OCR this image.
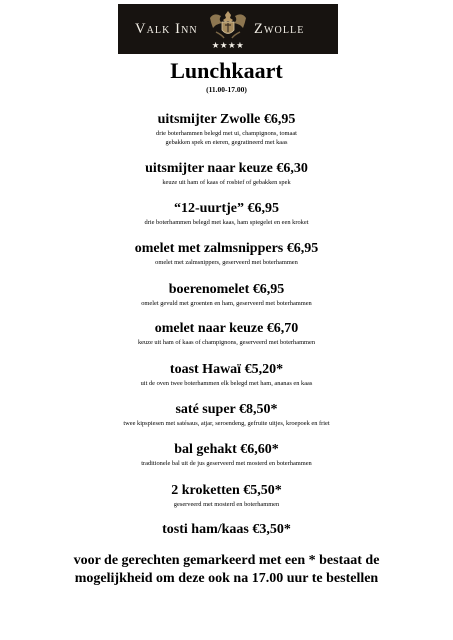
Valk Inn
★★★★
Zwolle
Lunchkaart
(11.00-17.00)
uitsmijter Zwolle €6,95
drie boterhammen belegd met ui, champignons, tomaat
gebakken spek en eieren, gegratineerd met kaas
uitsmijter naar keuze €6,30
keuze uit ham of kaas of rosbief of gebakken spek
“12-uurtje” €6,95
drie boterhammen belegd met kaas, ham spiegelei en een kroket
omelet met zalmsnippers €6,95
omelet met zalmsnippers, geserveerd met boterhammen
boerenomelet €6,95
omelet gevuld met groenten en ham, geserveerd met boterhammen
omelet naar keuze €6,70
keuze uit ham of kaas of champignons, geserveerd met boterhammen
toast Hawaï €5,20*
uit de oven twee boterhammen elk belegd met ham, ananas en kaas
saté super €8,50*
twee kipspiesen met satésaus, atjar, seroendeng, gefruite uitjes, kroepoek en friet
bal gehakt €6,60*
traditionele bal uit de jus geserveerd met mosterd en boterhammen
2 kroketten €5,50*
geserveerd met mosterd en boterhammen
tosti ham/kaas €3,50*
voor de gerechten gemarkeerd met een * bestaat de
mogelijkheid om deze ook na 17.00 uur te bestellen
